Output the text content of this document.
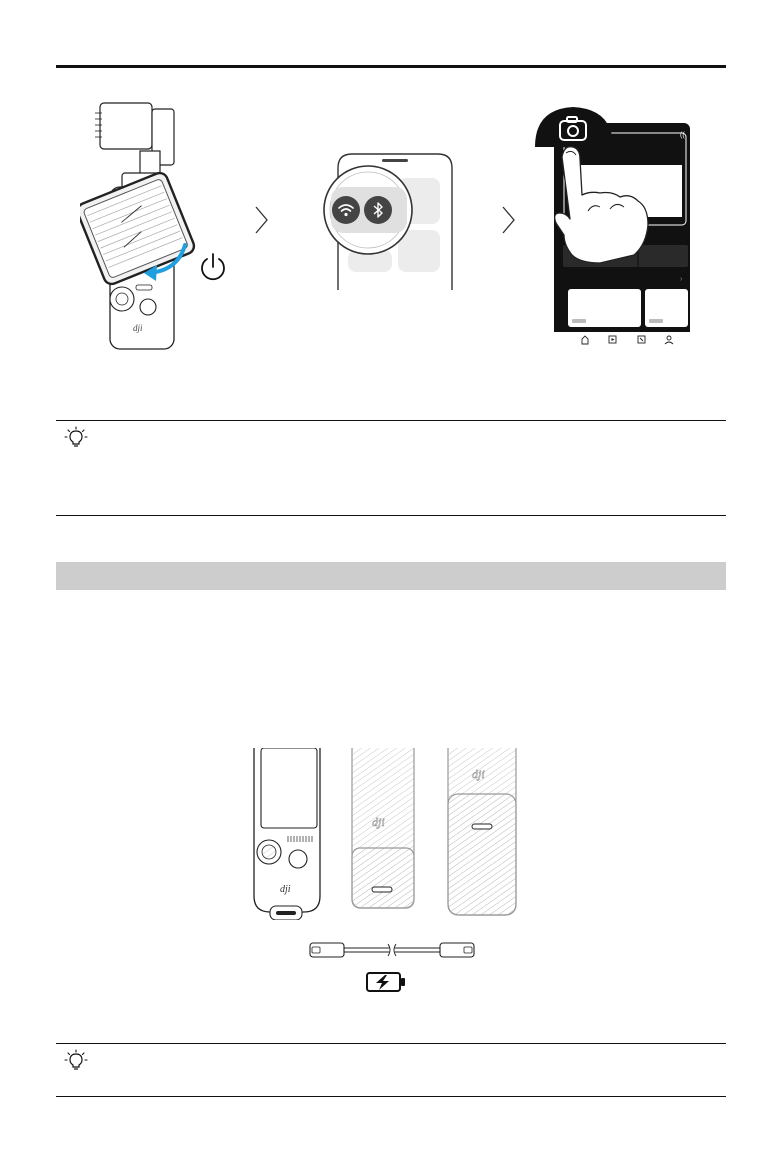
dji
((
›
dji
dji
dji
